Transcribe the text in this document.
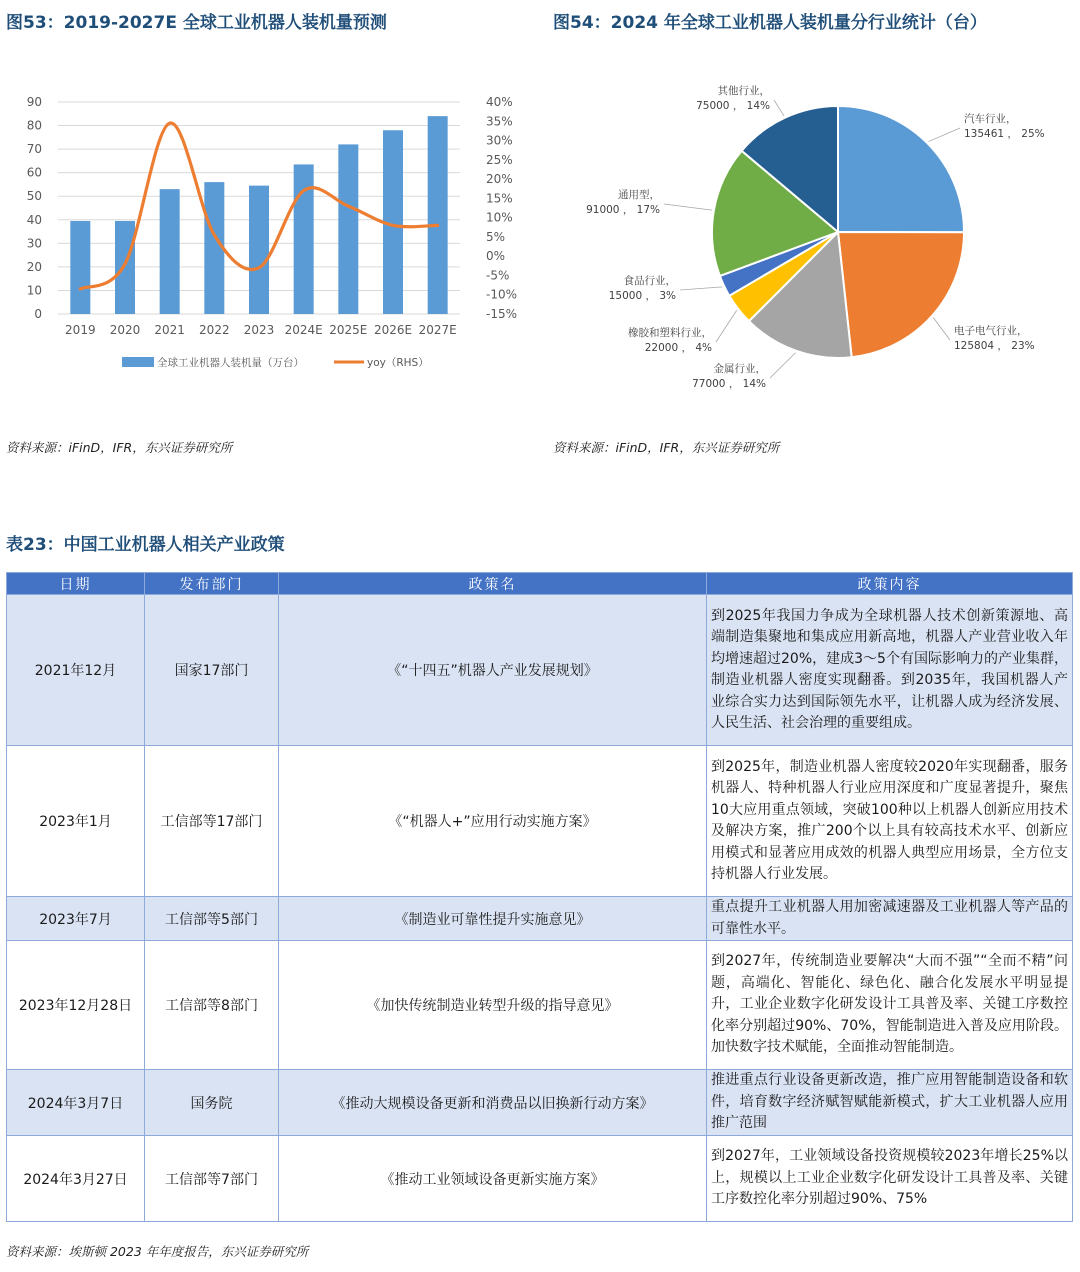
图53：2019-2027E 全球工业机器人装机量预测	图54：2024 年全球工业机器人装机量分行业统计（台）
0
10
20
30
40
50
60
70
80
90
-15%
-10%
-5%
0%
5%
10%
15%
20%
25%
30%
35%
40%
2019 2020 2021 2022 2023 2024E 2025E 2026E 2027E
全球工业机器人装机量（万台）	yoy（RHS）
汽车行业，
135461 ， 25%
电子电气行业，
125804 ， 23%
金属行业，
77000 ， 14%
橡胶和塑料行业，
22000 ， 4%
食品行业，
15000 ， 3%
通用型，
91000 ， 17%
其他行业，
75000 ， 14%
资料来源：iFinD，IFR，东兴证券研究所	资料来源：iFinD，IFR，东兴证券研究所
表23：中国工业机器人相关产业政策
日期	发布部门	政策名	政策内容
2021年12月	国家17部门	《“十四五”机器人产业发展规划》	到2025年我国力争成为全球机器人技术创新策源地、高端制造集聚地和集成应用新高地，机器人产业营业收入年均增速超过20%，建成3～5个有国际影响力的产业集群，制造业机器人密度实现翻番。到2035年，我国机器人产业综合实力达到国际领先水平，让机器人成为经济发展、人民生活、社会治理的重要组成。
2023年1月	工信部等17部门	《“机器人+”应用行动实施方案》	到2025年，制造业机器人密度较2020年实现翻番，服务机器人、特种机器人行业应用深度和广度显著提升，聚焦10大应用重点领域，突破100种以上机器人创新应用技术及解决方案，推广200个以上具有较高技术水平、创新应用模式和显著应用成效的机器人典型应用场景，全方位支持机器人行业发展。
2023年7月	工信部等5部门	《制造业可靠性提升实施意见》	重点提升工业机器人用加密减速器及工业机器人等产品的可靠性水平。
2023年12月28日	工信部等8部门	《加快传统制造业转型升级的指导意见》	到2027年，传统制造业要解决“大而不强”“全而不精”问题，高端化、智能化、绿色化、融合化发展水平明显提升，工业企业数字化研发设计工具普及率、关键工序数控化率分别超过90%、70%，智能制造进入普及应用阶段。加快数字技术赋能，全面推动智能制造。
2024年3月7日	国务院	《推动大规模设备更新和消费品以旧换新行动方案》	推进重点行业设备更新改造，推广应用智能制造设备和软件，培育数字经济赋智赋能新模式，扩大工业机器人应用推广范围
2024年3月27日	工信部等7部门	《推动工业领域设备更新实施方案》	到2027年，工业领域设备投资规模较2023年增长25%以上，规模以上工业企业数字化研发设计工具普及率、关键工序数控化率分别超过90%、75%
资料来源：埃斯顿 2023 年年度报告，东兴证券研究所
